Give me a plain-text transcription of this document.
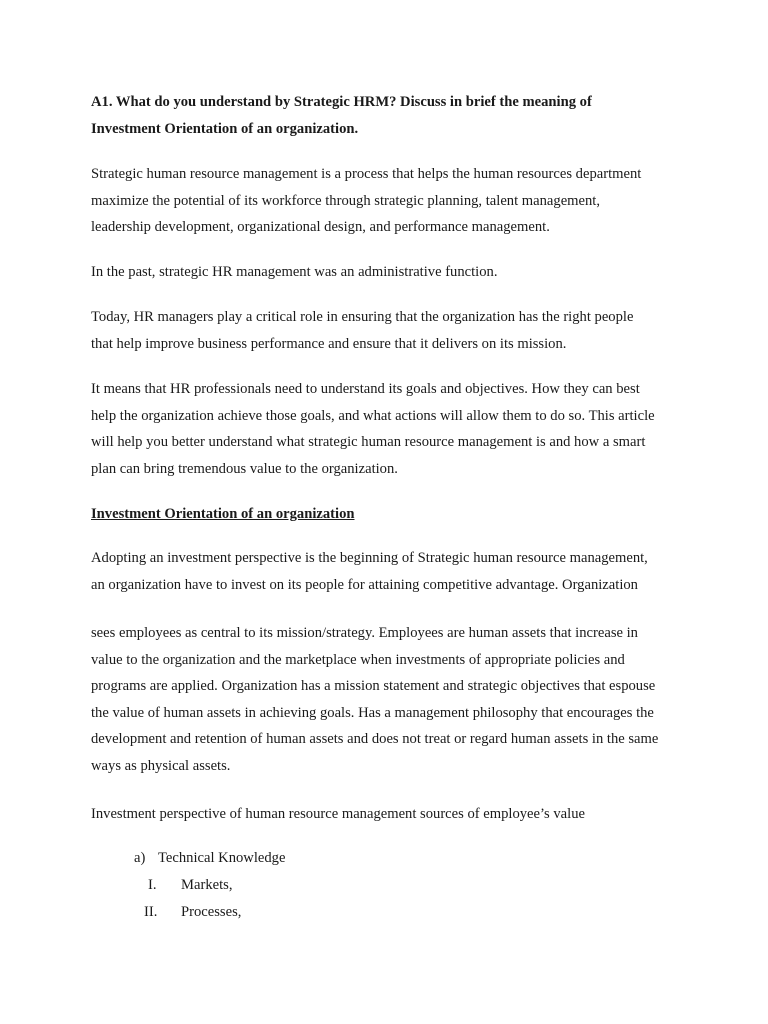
A1. What do you understand by Strategic HRM? Discuss in brief the meaning of
Investment Orientation of an organization.

Strategic human resource management is a process that helps the human resources department
maximize the potential of its workforce through strategic planning, talent management,
leadership development, organizational design, and performance management.

In the past, strategic HR management was an administrative function.

Today, HR managers play a critical role in ensuring that the organization has the right people
that help improve business performance and ensure that it delivers on its mission.

It means that HR professionals need to understand its goals and objectives. How they can best
help the organization achieve those goals, and what actions will allow them to do so. This article
will help you better understand what strategic human resource management is and how a smart
plan can bring tremendous value to the organization.

Investment Orientation of an organization

Adopting an investment perspective is the beginning of Strategic human resource management,
an organization have to invest on its people for attaining competitive advantage. Organization

sees employees as central to its mission/strategy. Employees are human assets that increase in
value to the organization and the marketplace when investments of appropriate policies and
programs are applied. Organization has a mission statement and strategic objectives that espouse
the value of human assets in achieving goals. Has a management philosophy that encourages the
development and retention of human assets and does not treat or regard human assets in the same
ways as physical assets.

Investment perspective of human resource management sources of employee’s value

a) Technical Knowledge
I. Markets,
II. Processes,
